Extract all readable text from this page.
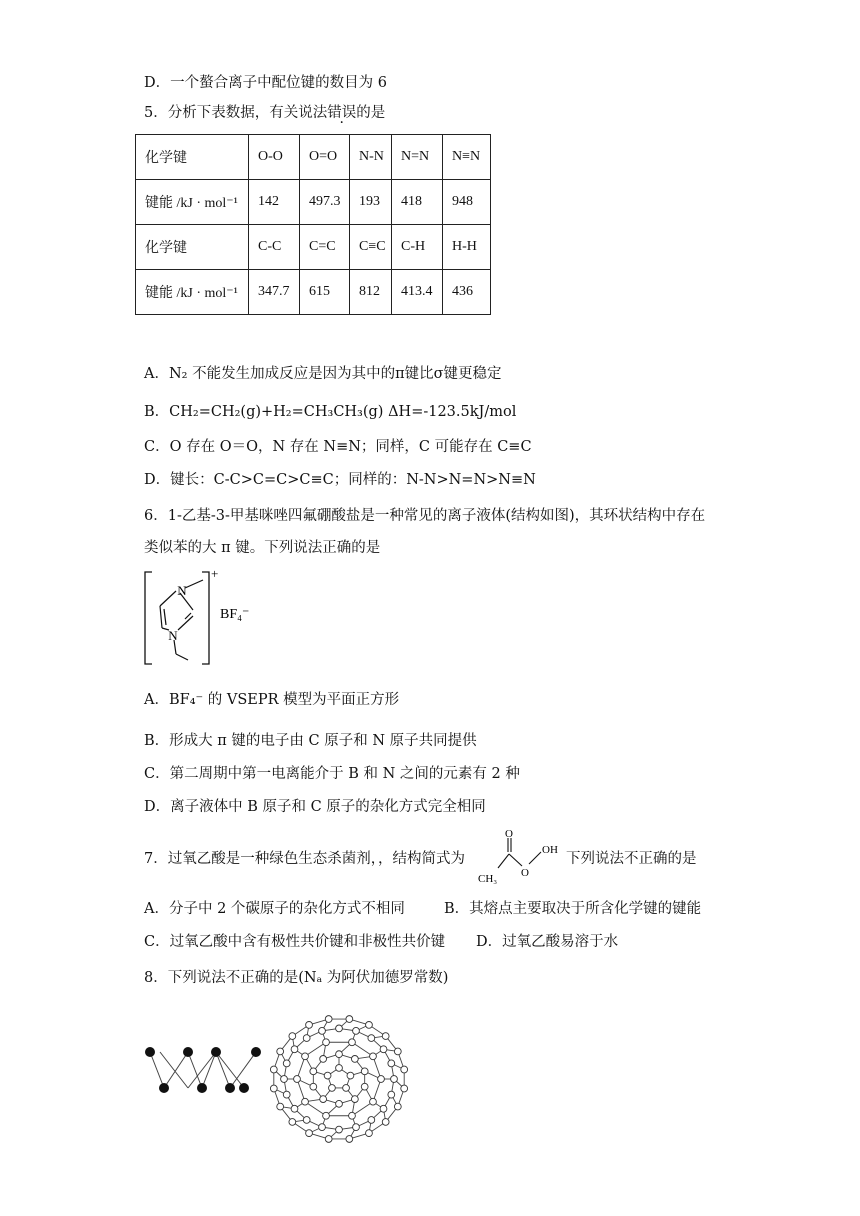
D．一个螯合离子中配位键的数目为 6
5．分析下表数据，有关说法错误的是
化学键	O-O	O=O	N-N	N=N	N≡N
键能 /kJ · mol⁻¹	142	497.3	193	418	948
化学键	C-C	C=C	C≡C	C-H	H-H
键能 /kJ · mol⁻¹	347.7	615	812	413.4	436
A．N₂ 不能发生加成反应是因为其中的π键比σ键更稳定
B．CH₂=CH₂(g)+H₂=CH₃CH₃(g) ΔH=-123.5kJ/mol
C．O 存在 O＝O，N 存在 N≡N；同样，C 可能存在 C≡C
D．键长：C-C>C=C>C≡C；同样的：N-N>N=N>N≡N
6．1-乙基-3-甲基咪唑四氟硼酸盐是一种常见的离子液体(结构如图)，其环状结构中存在
类似苯的大 π 键。下列说法正确的是
N
N
+
BF₄⁻
A．BF₄⁻ 的 VSEPR 模型为平面正方形
B．形成大 π 键的电子由 C 原子和 N 原子共同提供
C．第二周期中第一电离能介于 B 和 N 之间的元素有 2 种
D．离子液体中 B 原子和 C 原子的杂化方式完全相同
7．过氧乙酸是一种绿色生态杀菌剂，，结构简式为
O
O
OH
CH₃
下列说法不正确的是
A．分子中 2 个碳原子的杂化方式不相同	B．其熔点主要取决于所含化学键的键能
C．过氧乙酸中含有极性共价键和非极性共价键 D．过氧乙酸易溶于水
8．下列说法不正确的是(Nₐ 为阿伏加德罗常数)
